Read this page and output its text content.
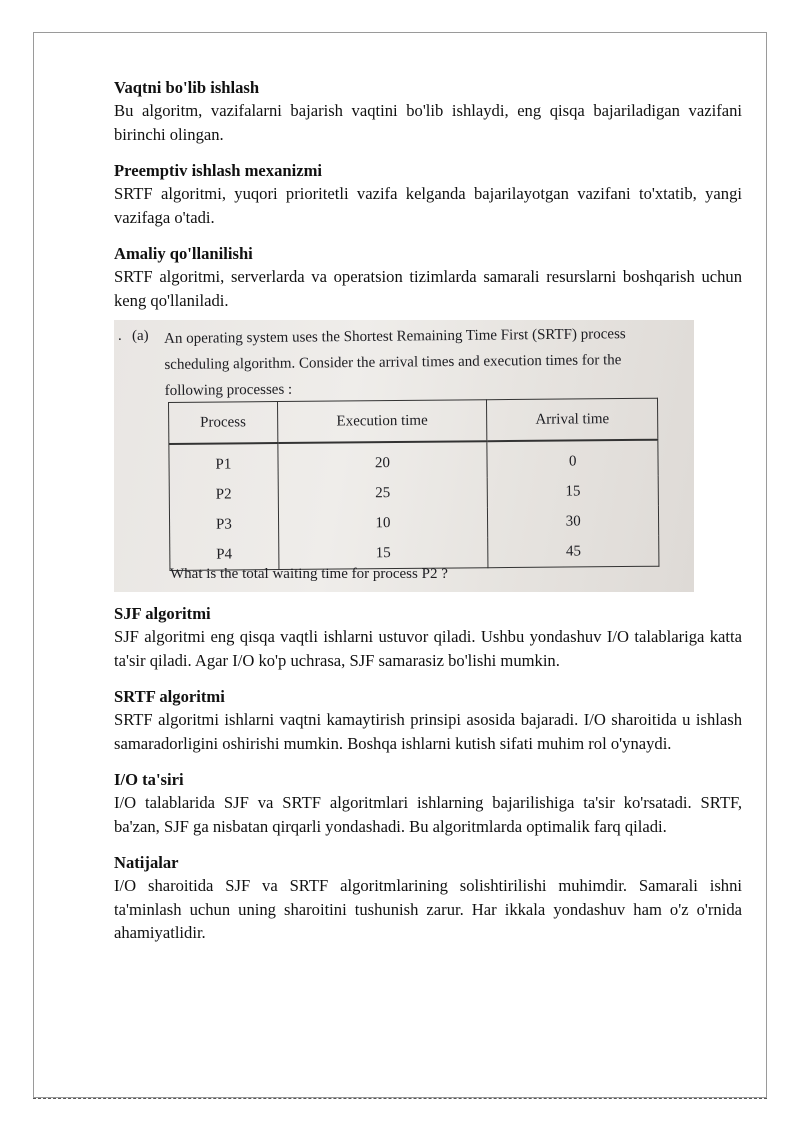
Vaqtni bo'lib ishlash

Bu algoritm, vazifalarni bajarish vaqtini bo'lib ishlaydi, eng qisqa bajariladigan vazifani birinchi olingan.

Preemptiv ishlash mexanizmi

SRTF algoritmi, yuqori prioritetli vazifa kelganda bajarilayotgan vazifani to'xtatib, yangi vazifaga o'tadi.

Amaliy qo'llanilishi

SRTF algoritmi, serverlarda va operatsion tizimlarda samarali resurslarni boshqarish uchun keng qo'llaniladi.

. (a) An operating system uses the Shortest Remaining Time First (SRTF) process scheduling algorithm. Consider the arrival times and execution times for the following processes :
Process	Execution time	Arrival time
P1	20	0
P2	25	15
P3	10	30
P4	15	45
What is the total waiting time for process P2 ?

SJF algoritmi

SJF algoritmi eng qisqa vaqtli ishlarni ustuvor qiladi. Ushbu yondashuv I/O talablariga katta ta'sir qiladi. Agar I/O ko'p uchrasa, SJF samarasiz bo'lishi mumkin.

SRTF algoritmi

SRTF algoritmi ishlarni vaqtni kamaytirish prinsipi asosida bajaradi. I/O sharoitida u ishlash samaradorligini oshirishi mumkin. Boshqa ishlarni kutish sifati muhim rol o'ynaydi.

I/O ta'siri

I/O talablarida SJF va SRTF algoritmlari ishlarning bajarilishiga ta'sir ko'rsatadi. SRTF, ba'zan, SJF ga nisbatan qirqarli yondashadi. Bu algoritmlarda optimalik farq qiladi.

Natijalar

I/O sharoitida SJF va SRTF algoritmlarining solishtirilishi muhimdir. Samarali ishni ta'minlash uchun uning sharoitini tushunish zarur. Har ikkala yondashuv ham o'z o'rnida ahamiyatlidir.
